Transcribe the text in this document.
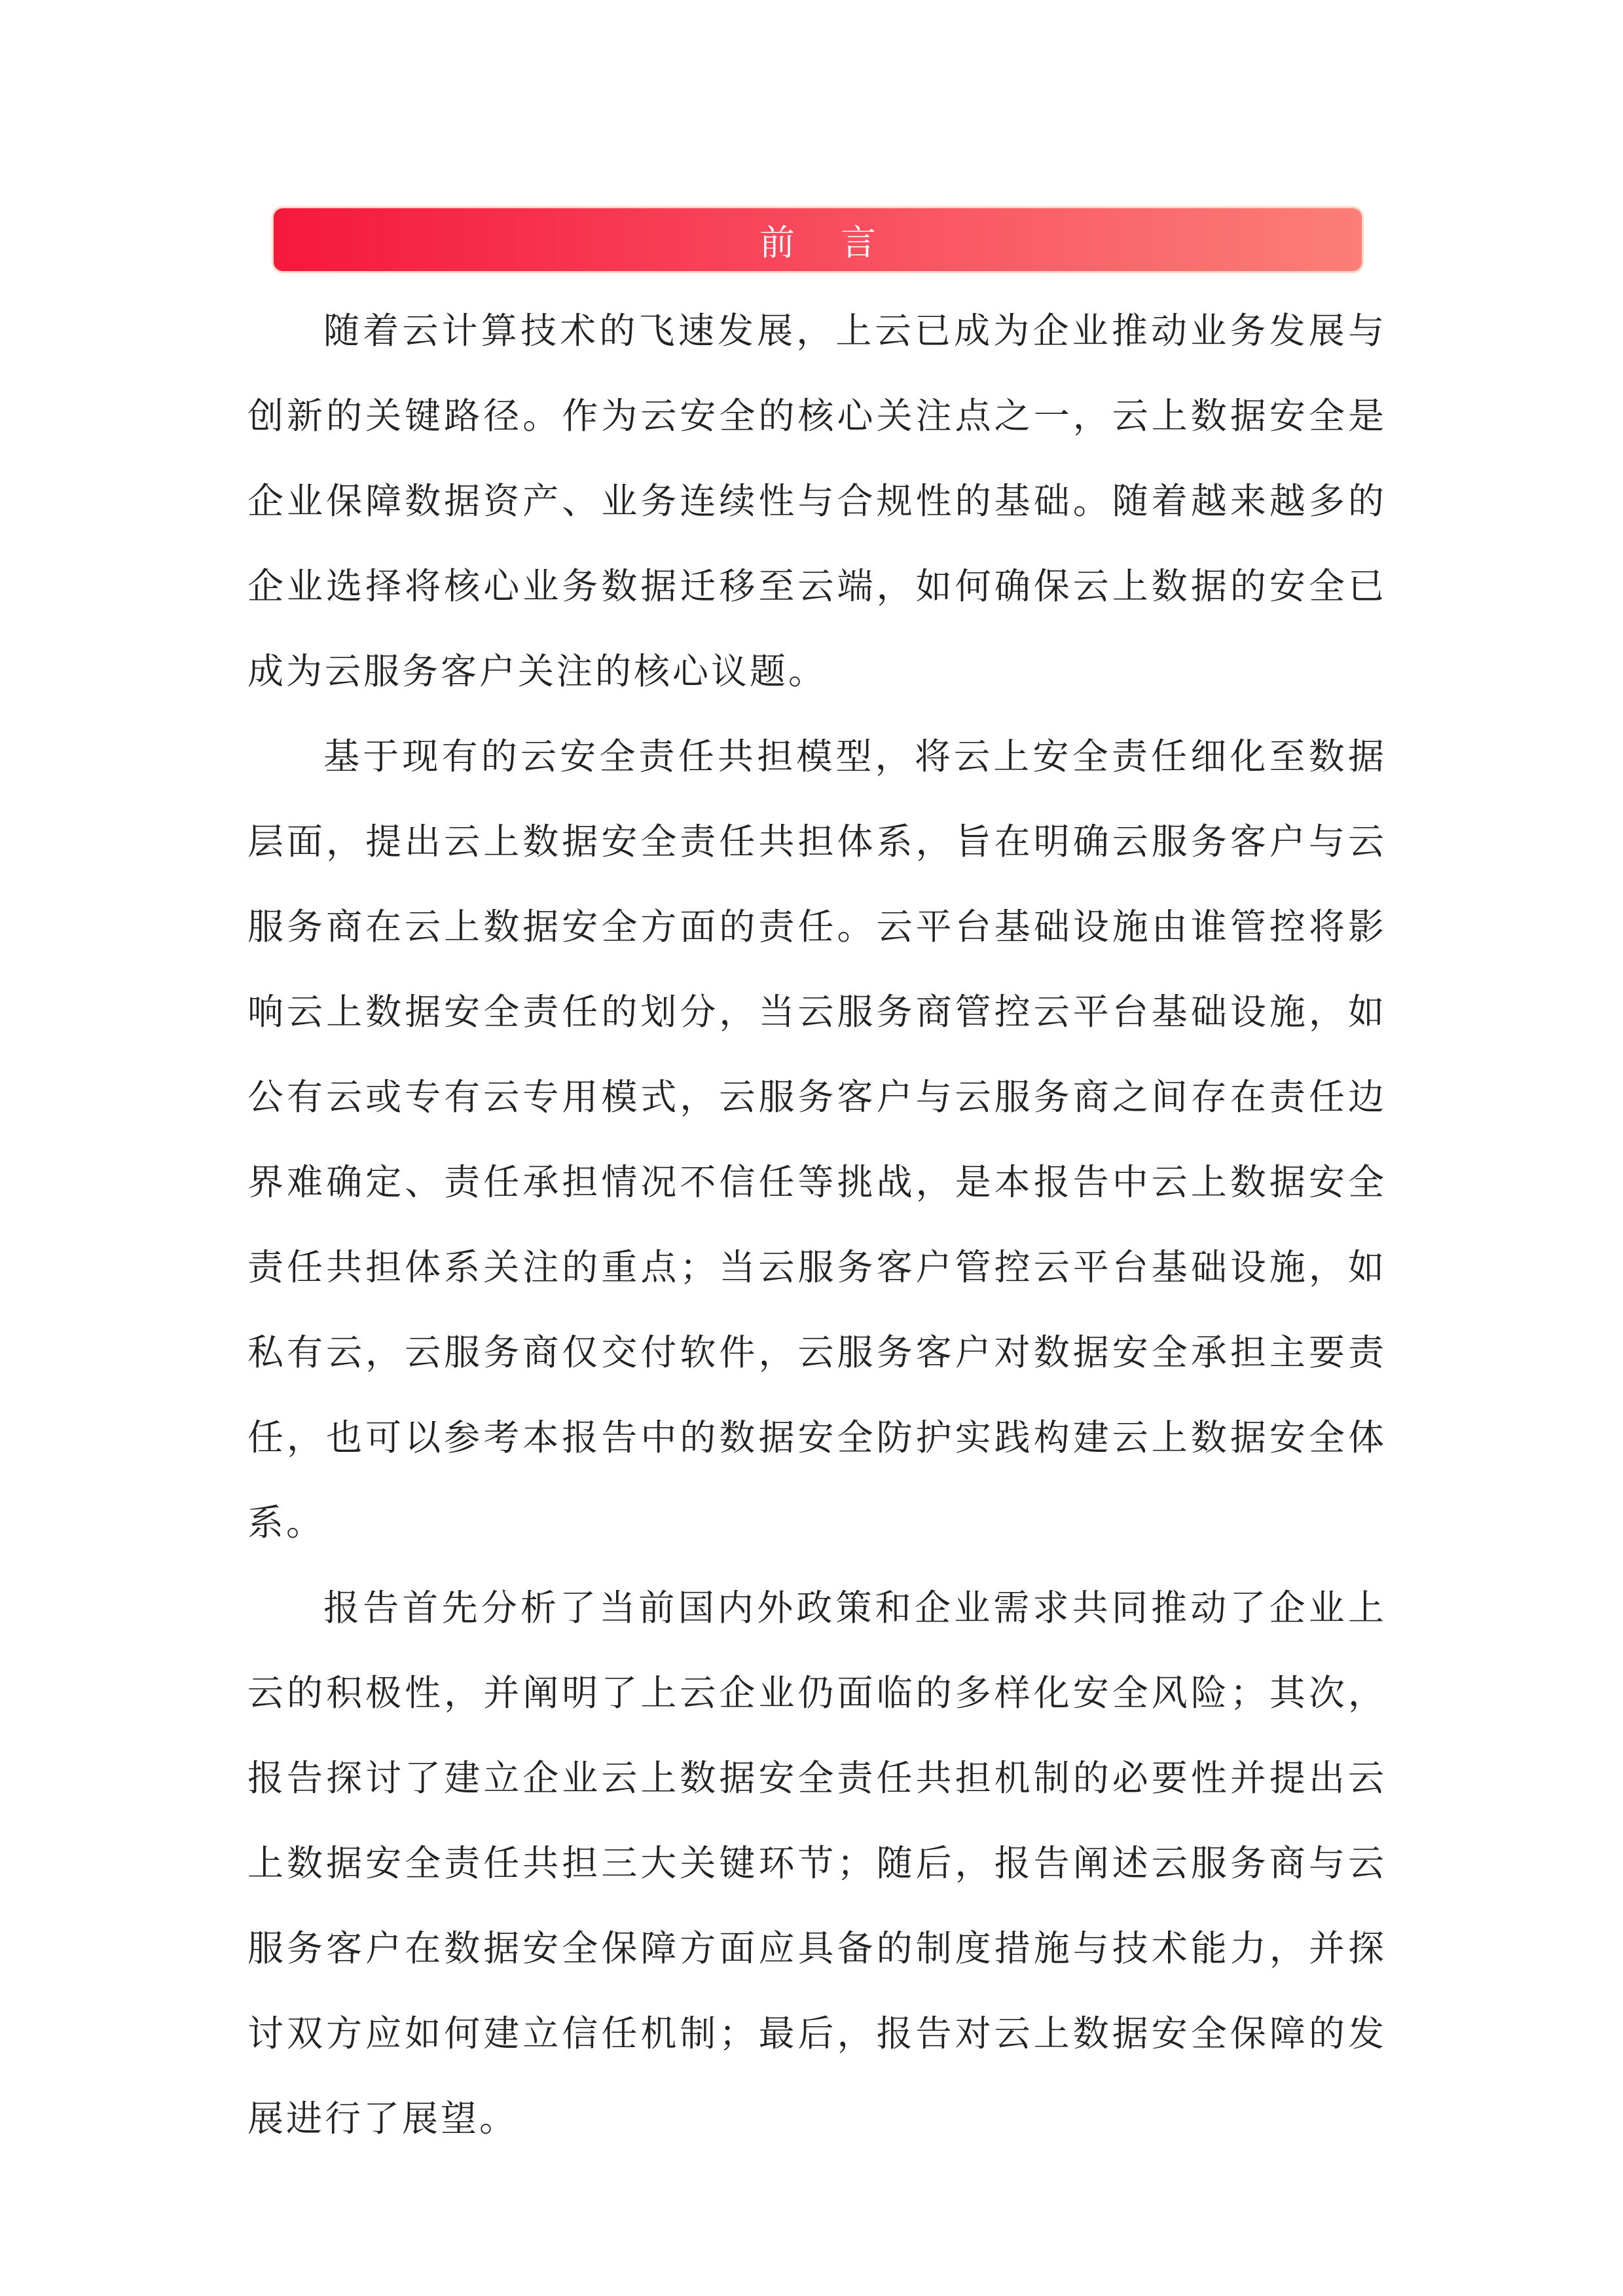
前言

随着云计算技术的飞速发展，上云已成为企业推动业务发展与创新的关键路径。作为云安全的核心关注点之一，云上数据安全是企业保障数据资产、业务连续性与合规性的基础。随着越来越多的企业选择将核心业务数据迁移至云端，如何确保云上数据的安全已成为云服务客户关注的核心议题。

基于现有的云安全责任共担模型，将云上安全责任细化至数据层面，提出云上数据安全责任共担体系，旨在明确云服务客户与云服务商在云上数据安全方面的责任。云平台基础设施由谁管控将影响云上数据安全责任的划分，当云服务商管控云平台基础设施，如公有云或专有云专用模式，云服务客户与云服务商之间存在责任边界难确定、责任承担情况不信任等挑战，是本报告中云上数据安全责任共担体系关注的重点；当云服务客户管控云平台基础设施，如私有云，云服务商仅交付软件，云服务客户对数据安全承担主要责任，也可以参考本报告中的数据安全防护实践构建云上数据安全体系。

报告首先分析了当前国内外政策和企业需求共同推动了企业上云的积极性，并阐明了上云企业仍面临的多样化安全风险；其次，报告探讨了建立企业云上数据安全责任共担机制的必要性并提出云上数据安全责任共担三大关键环节；随后，报告阐述云服务商与云服务客户在数据安全保障方面应具备的制度措施与技术能力，并探讨双方应如何建立信任机制；最后，报告对云上数据安全保障的发展进行了展望。
